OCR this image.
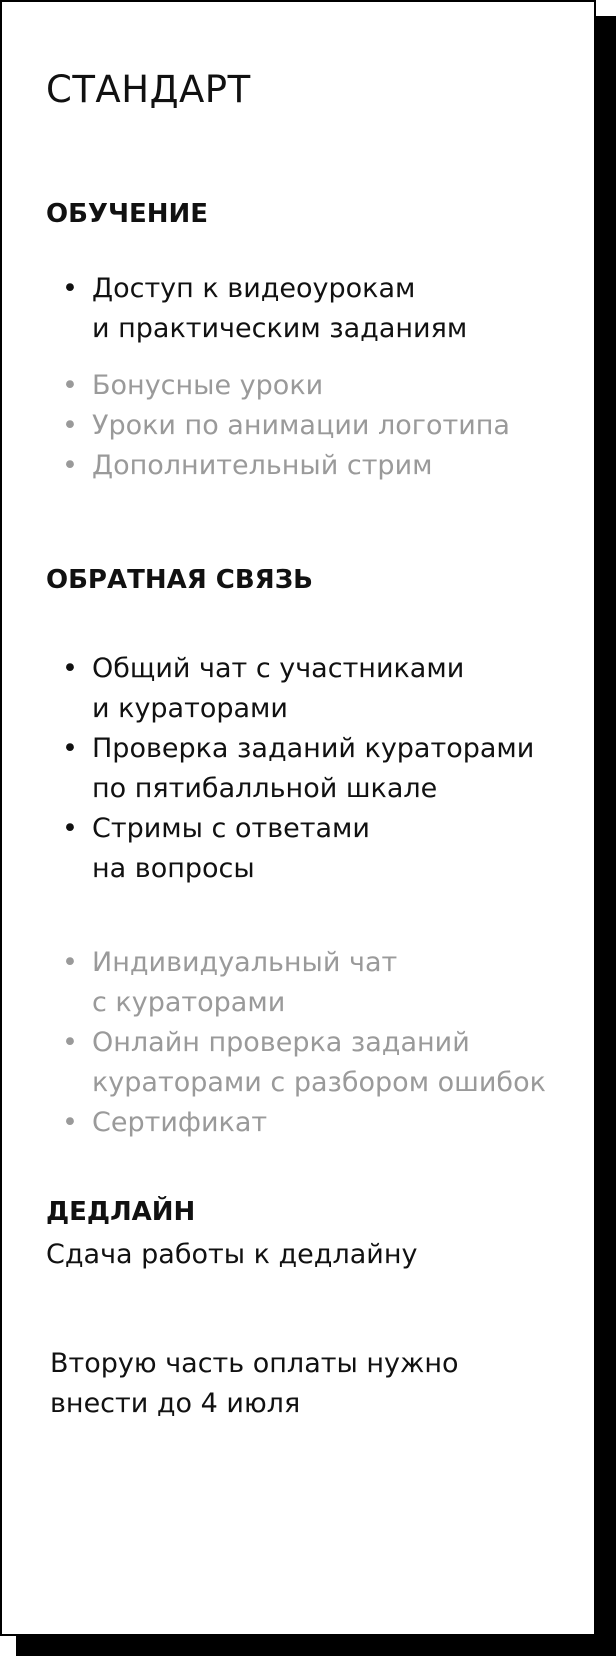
СТАНДАРТ
ОБУЧЕНИЕ
• Доступ к видеоурокам
и практическим заданиям
• Бонусные уроки
• Уроки по анимации логотипа
• Дополнительный стрим
ОБРАТНАЯ СВЯЗЬ
• Общий чат с участниками
и кураторами
• Проверка заданий кураторами
по пятибалльной шкале
• Стримы с ответами
на вопросы
• Индивидуальный чат
с кураторами
• Онлайн проверка заданий
кураторами с разбором ошибок
• Сертификат
ДЕДЛАЙН
Сдача работы к дедлайну
Вторую часть оплаты нужно
внести до 4 июля
